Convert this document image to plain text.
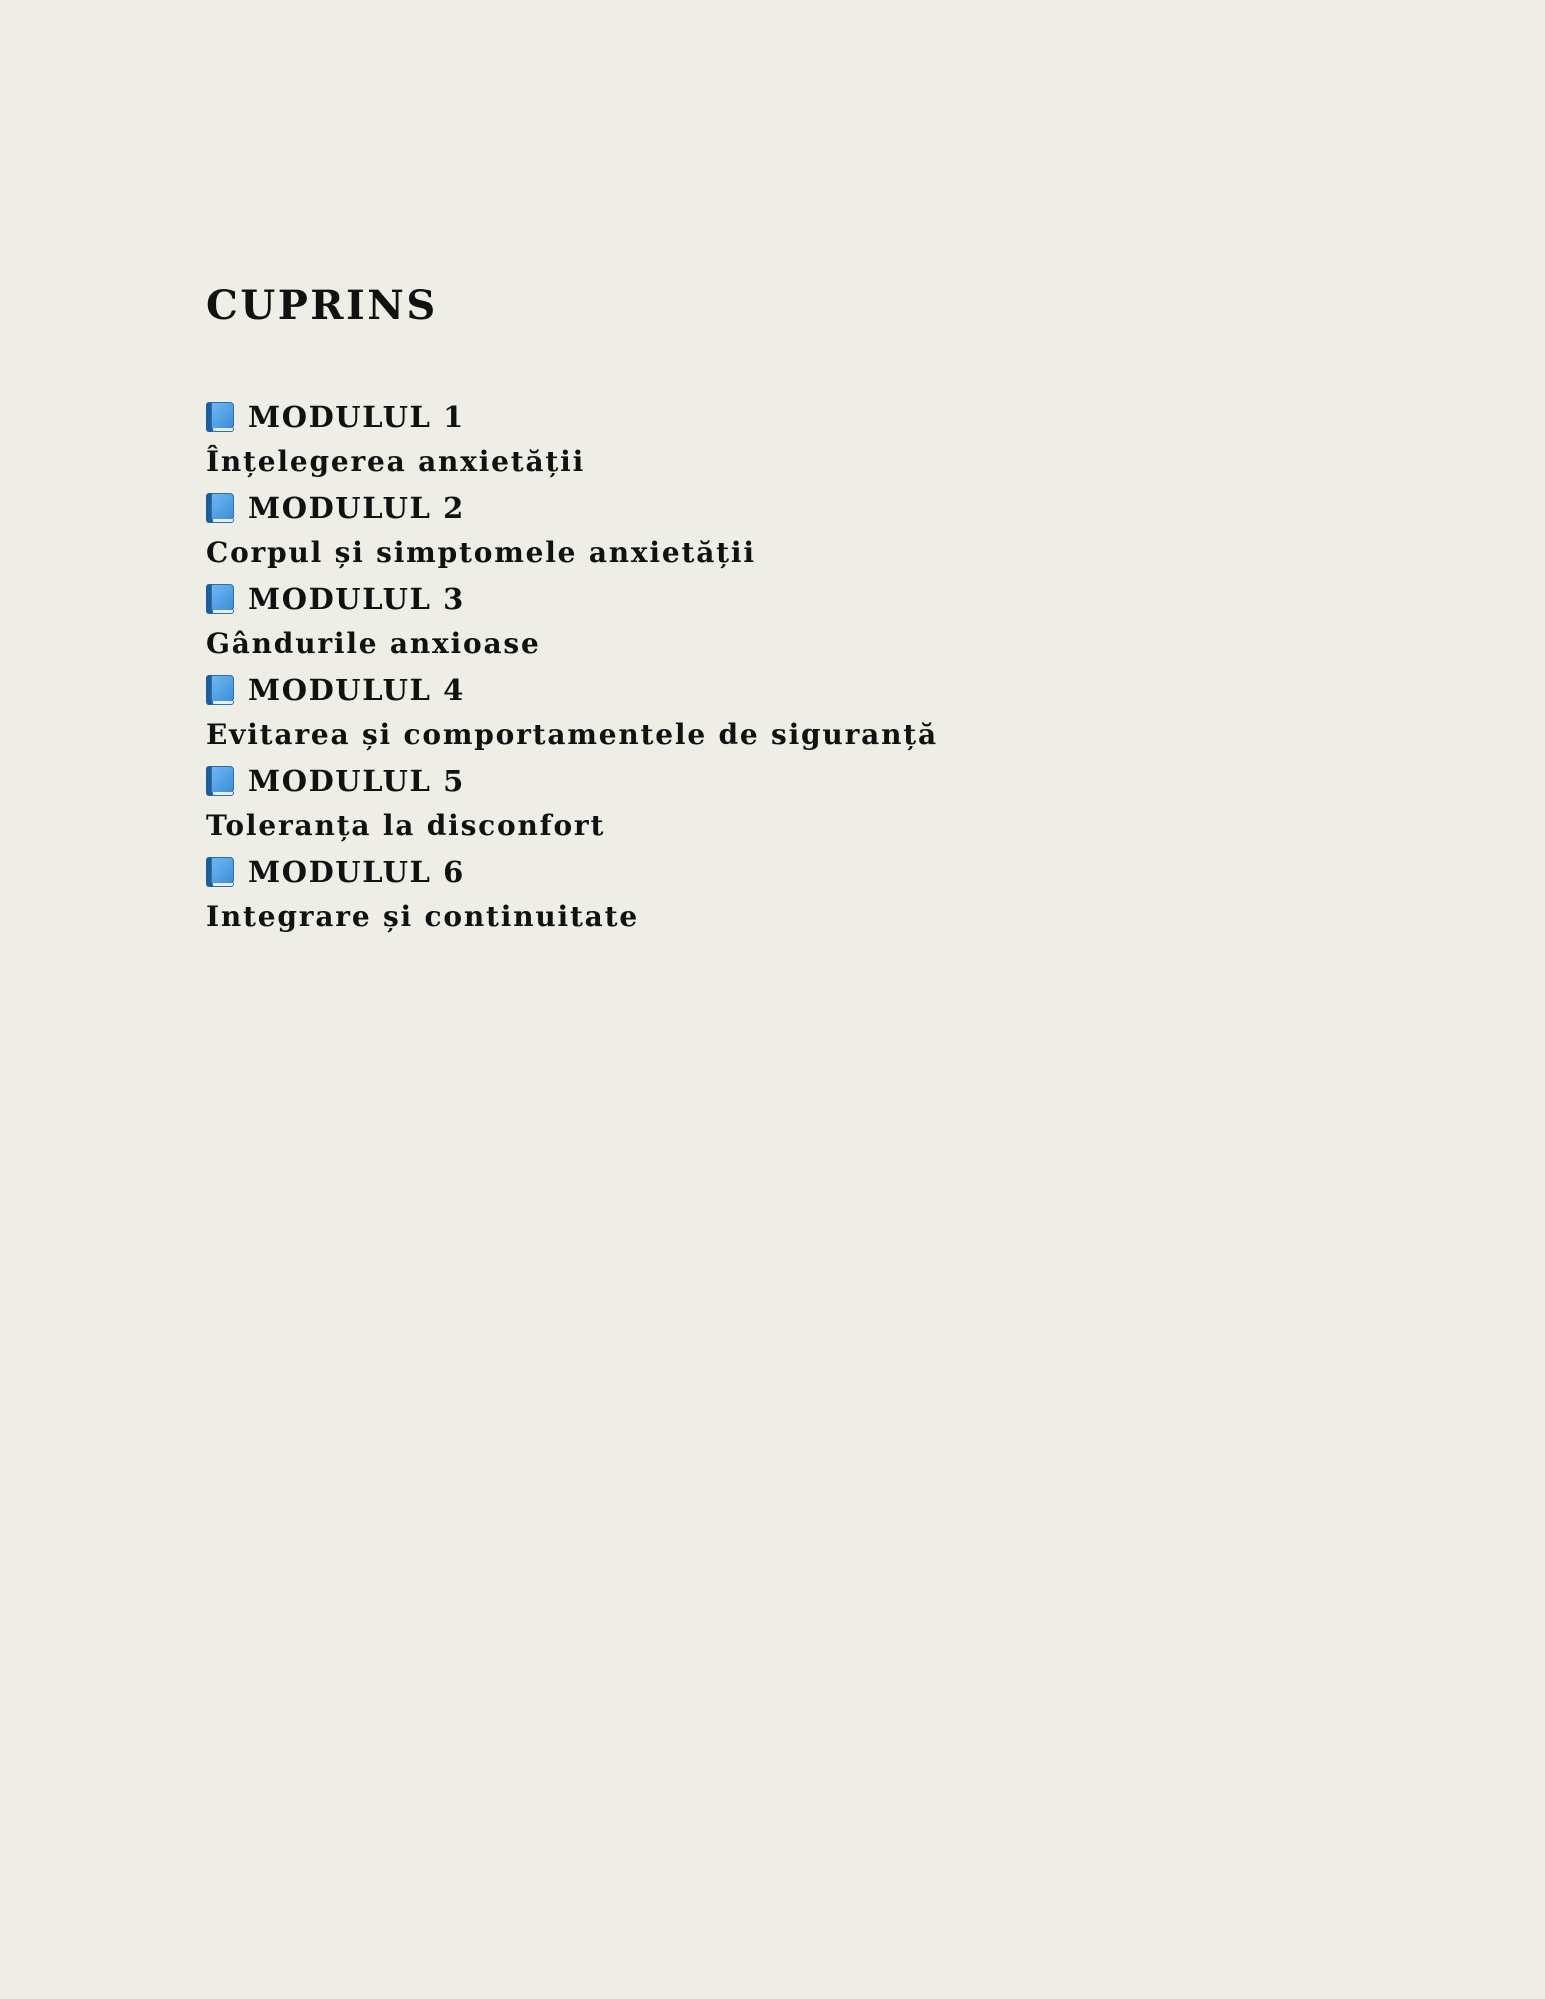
CUPRINS
MODULUL 1
Înțelegerea anxietății
MODULUL 2
Corpul și simptomele anxietății
MODULUL 3
Gândurile anxioase
MODULUL 4
Evitarea și comportamentele de siguranță
MODULUL 5
Toleranța la disconfort
MODULUL 6
Integrare și continuitate
